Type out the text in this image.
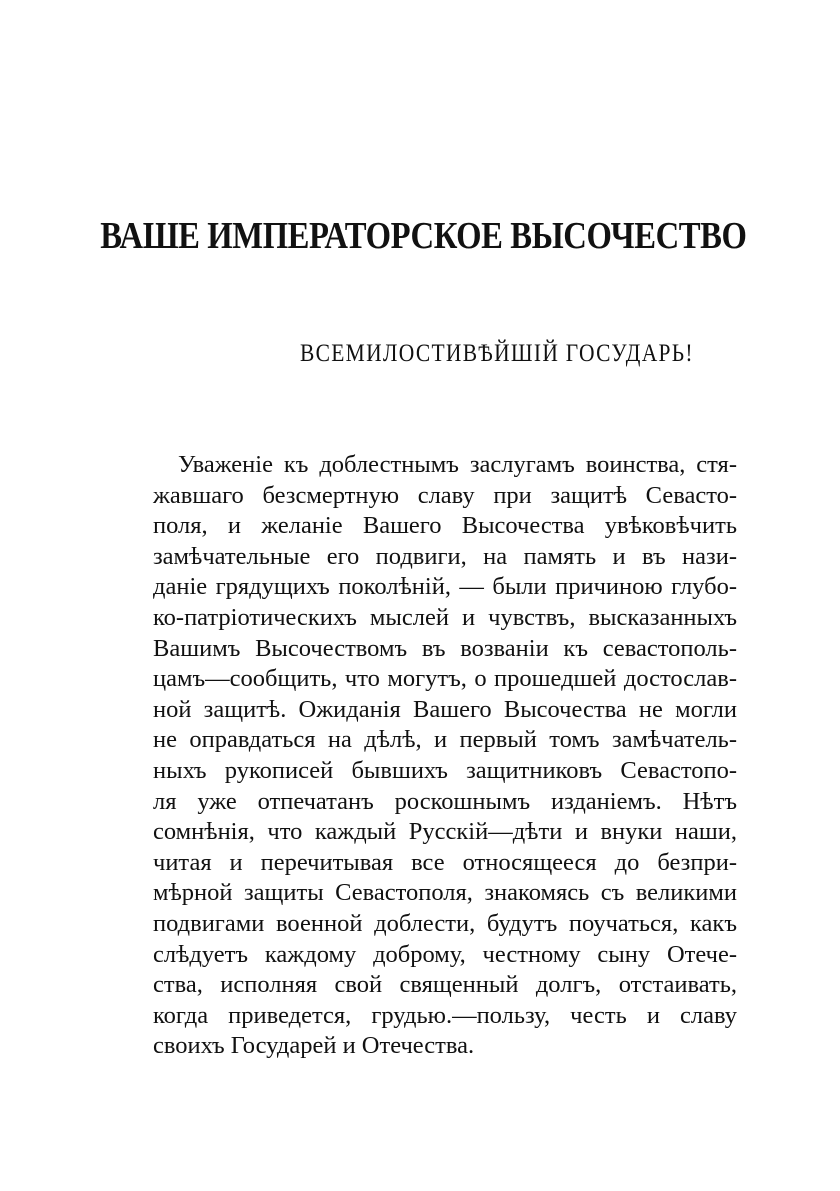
ВАШЕ ИМПЕРАТОРСКОЕ ВЫСОЧЕСТВО
ВСЕМИЛОСТИВѢЙШІЙ ГОСУДАРЬ!
Уваженіе къ доблестнымъ заслугамъ воинства, стя-
жавшаго безсмертную славу при защитѣ Севасто-
поля, и желаніе Вашего Высочества увѣковѣчить
замѣчательные его подвиги, на память и въ нази-
даніе грядущихъ поколѣній, — были причиною глубо-
ко-патріотическихъ мыслей и чувствъ, высказанныхъ
Вашимъ Высочествомъ въ возваніи къ севастополь-
цамъ—сообщить, что могутъ, о прошедшей достослав-
ной защитѣ. Ожиданія Вашего Высочества не могли
не оправдаться на дѣлѣ, и первый томъ замѣчатель-
ныхъ рукописей бывшихъ защитниковъ Севастопо-
ля уже отпечатанъ роскошнымъ изданіемъ. Нѣтъ
сомнѣнія, что каждый Русскій—дѣти и внуки наши,
читая и перечитывая все относящееся до безпри-
мѣрной защиты Севастополя, знакомясь съ великими
подвигами военной доблести, будутъ поучаться, какъ
слѣдуетъ каждому доброму, честному сыну Отече-
ства, исполняя свой священный долгъ, отстаивать,
когда приведется, грудью.—пользу, честь и славу
своихъ Государей и Отечества.
